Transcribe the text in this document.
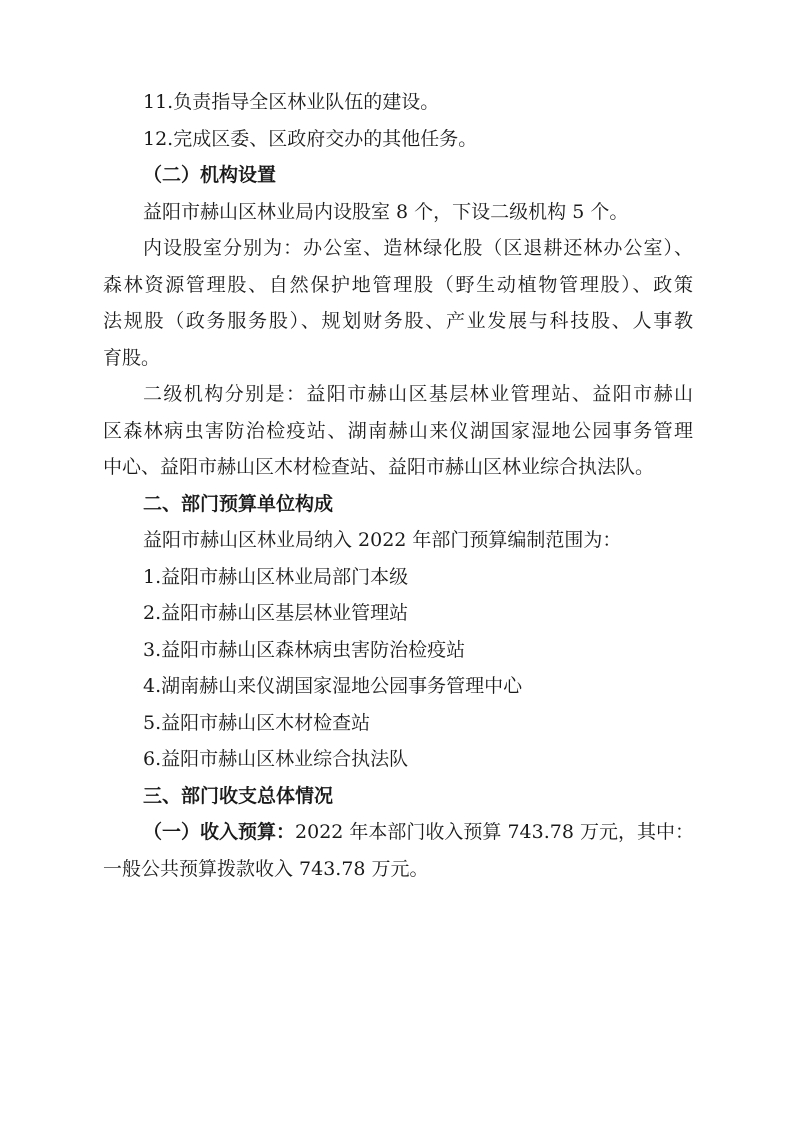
11.负责指导全区林业队伍的建设。

12.完成区委、区政府交办的其他任务。

（二）机构设置

益阳市赫山区林业局内设股室 8 个，下设二级机构 5 个。

内设股室分别为：办公室、造林绿化股（区退耕还林办公室）、

森林资源管理股、自然保护地管理股（野生动植物管理股）、政策

法规股（政务服务股）、规划财务股、产业发展与科技股、人事教

育股。

二级机构分别是：益阳市赫山区基层林业管理站、益阳市赫山

区森林病虫害防治检疫站、湖南赫山来仪湖国家湿地公园事务管理

中心、益阳市赫山区木材检查站、益阳市赫山区林业综合执法队。

二、部门预算单位构成

益阳市赫山区林业局纳入 2022 年部门预算编制范围为：

1.益阳市赫山区林业局部门本级

2.益阳市赫山区基层林业管理站

3.益阳市赫山区森林病虫害防治检疫站

4.湖南赫山来仪湖国家湿地公园事务管理中心

5.益阳市赫山区木材检查站

6.益阳市赫山区林业综合执法队

三、部门收支总体情况

（一）收入预算：2022 年本部门收入预算 743.78 万元，其中：

一般公共预算拨款收入 743.78 万元。
